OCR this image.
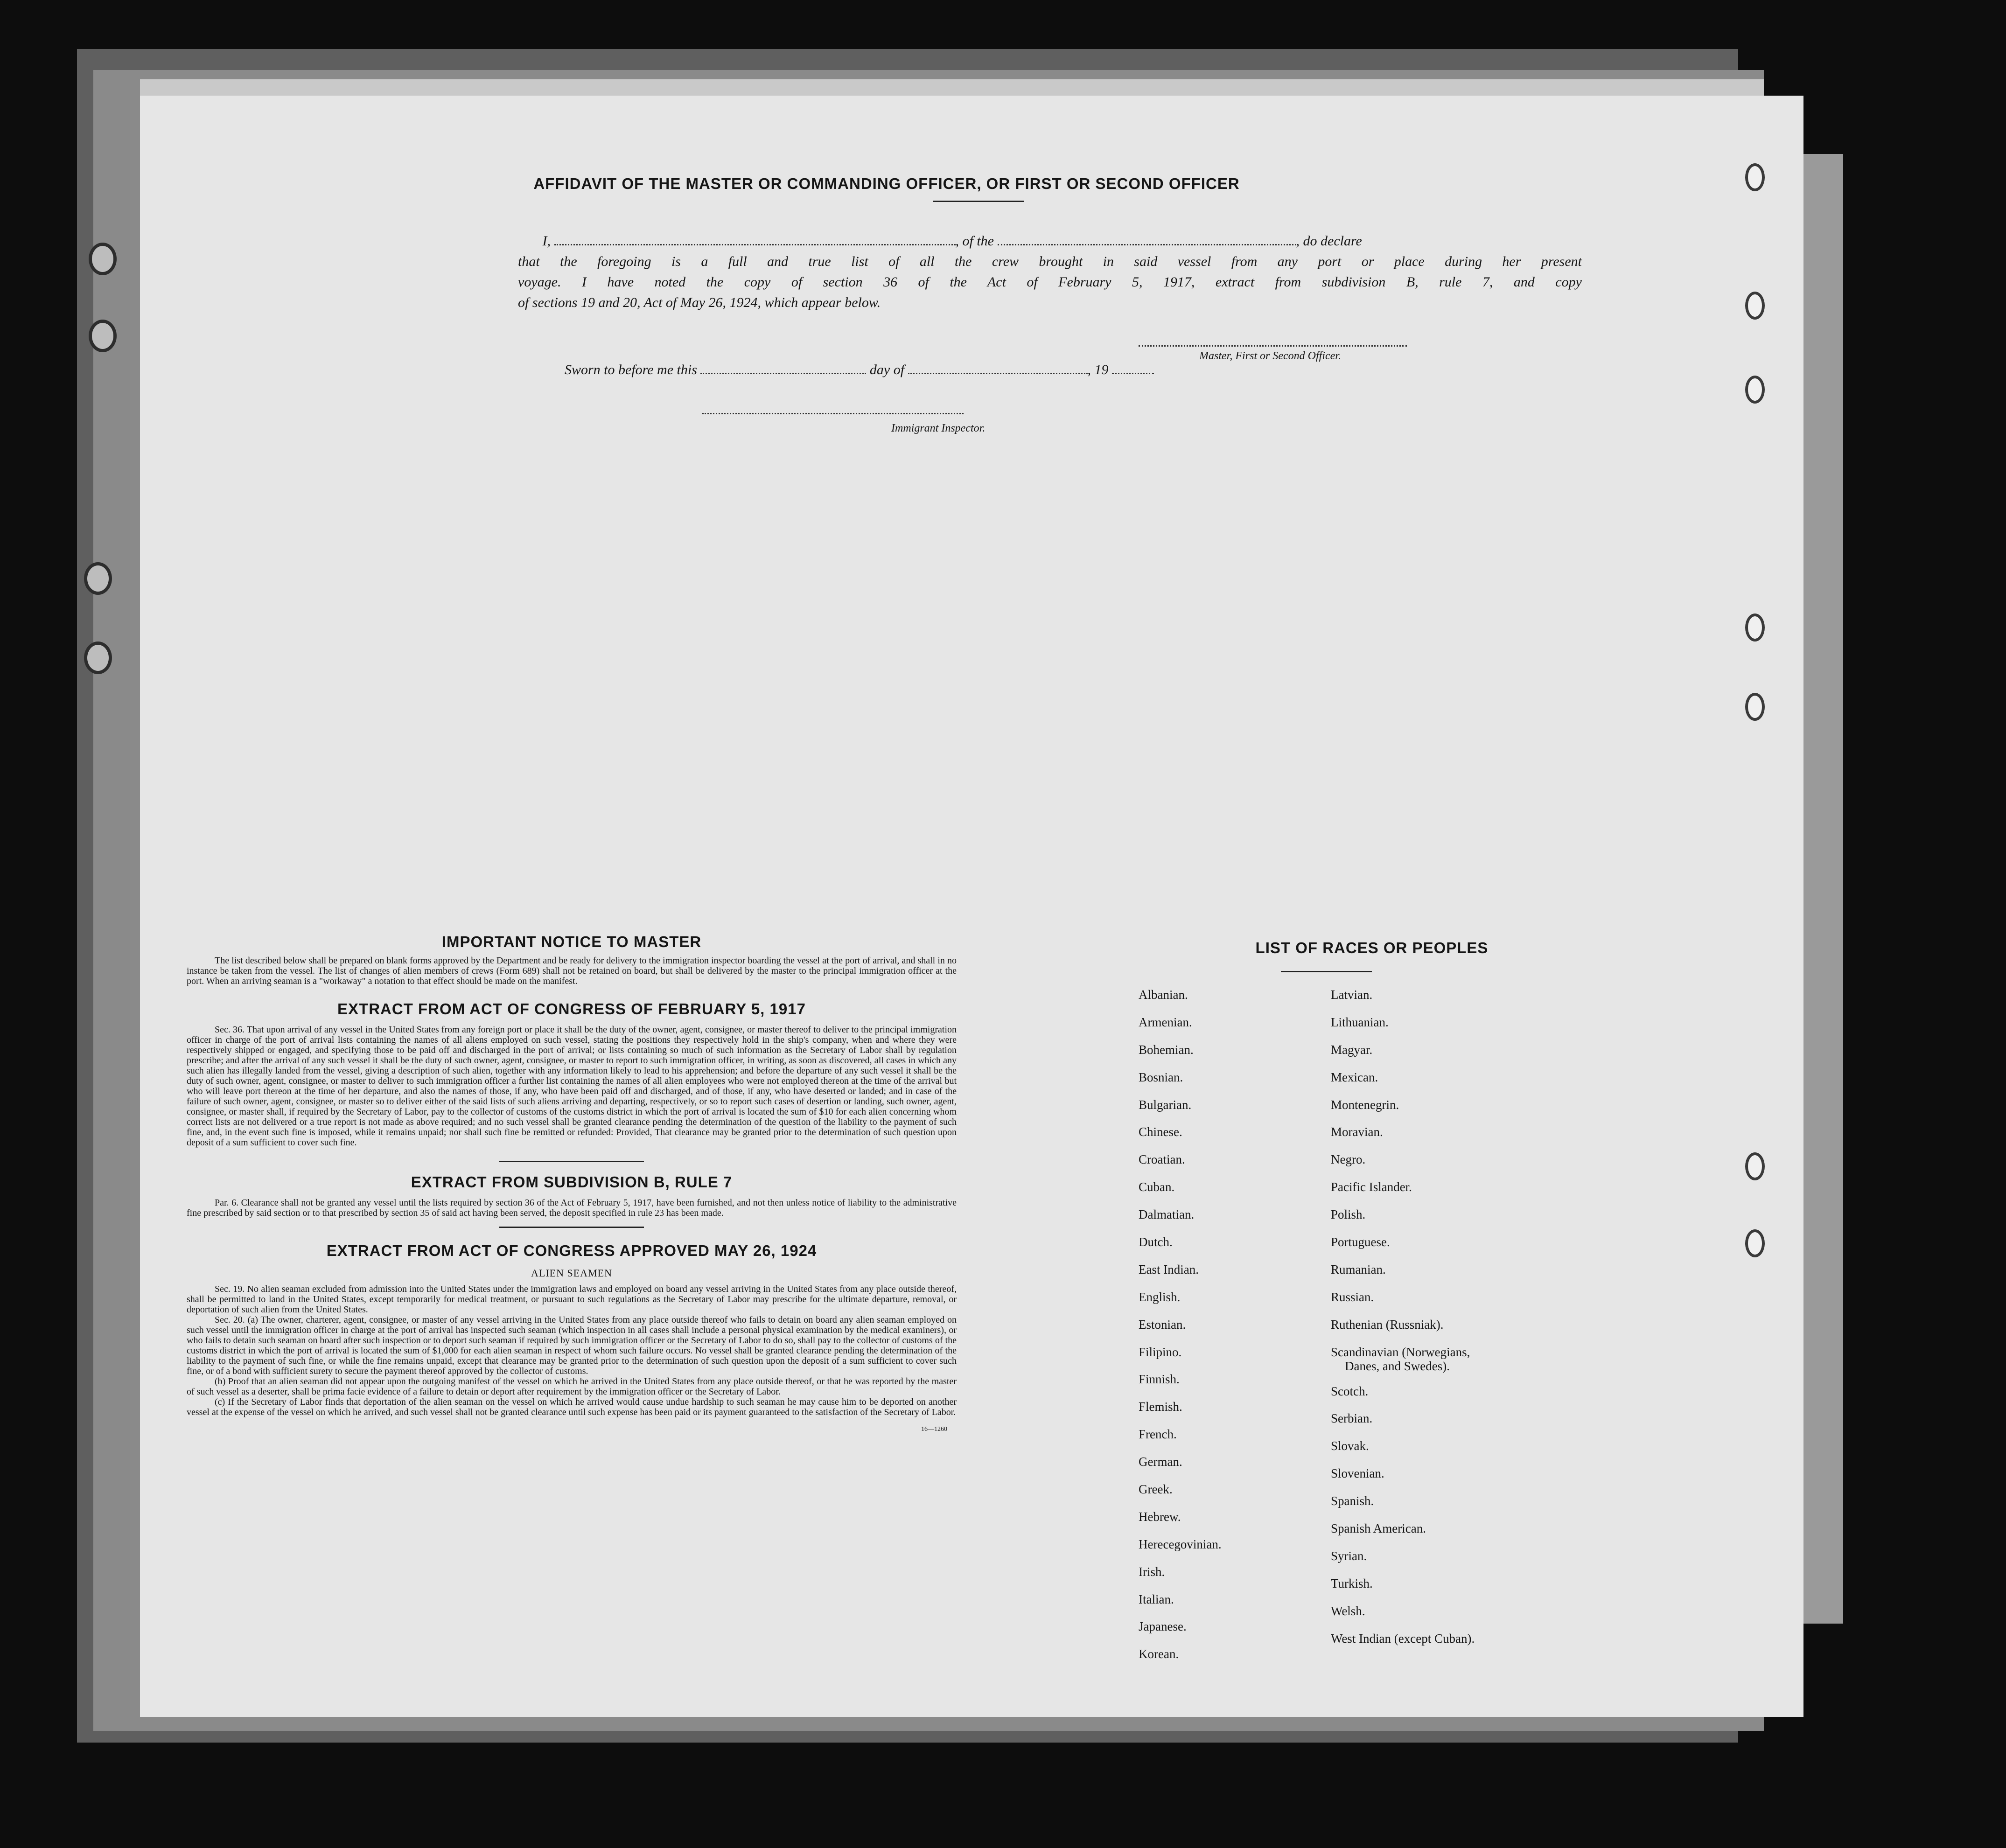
AFFIDAVIT OF THE MASTER OR COMMANDING OFFICER, OR FIRST OR SECOND OFFICER
I,	, of the	, do declare
that the foregoing is a full and true list of all the crew brought in said vessel from any port or place during her present
voyage. I have noted the copy of section 36 of the Act of February 5, 1917, extract from subdivision B, rule 7, and copy
of sections 19 and 20, Act of May 26, 1924, which appear below.
Master, First or Second Officer.
Sworn to before me this	day of	, 19
Immigrant Inspector.
IMPORTANT NOTICE TO MASTER
The list described below shall be prepared on blank forms approved by the Department and be ready for delivery to the immigration inspector boarding the vessel at the port of arrival, and shall in no instance be taken from the vessel. The list of changes of alien members of crews (Form 689) shall not be retained on board, but shall be delivered by the master to the principal immigration officer at the port. When an arriving seaman is a "workaway" a notation to that effect should be made on the manifest.
EXTRACT FROM ACT OF CONGRESS OF FEBRUARY 5, 1917
Sec. 36. That upon arrival of any vessel in the United States from any foreign port or place it shall be the duty of the owner, agent, consignee, or master thereof to deliver to the principal immigration officer in charge of the port of arrival lists containing the names of all aliens employed on such vessel, stating the positions they respectively hold in the ship's company, when and where they were respectively shipped or engaged, and specifying those to be paid off and discharged in the port of arrival; or lists containing so much of such information as the Secretary of Labor shall by regulation prescribe; and after the arrival of any such vessel it shall be the duty of such owner, agent, consignee, or master to report to such immigration officer, in writing, as soon as discovered, all cases in which any such alien has illegally landed from the vessel, giving a description of such alien, together with any information likely to lead to his apprehension; and before the departure of any such vessel it shall be the duty of such owner, agent, consignee, or master to deliver to such immigration officer a further list containing the names of all alien employees who were not employed thereon at the time of the arrival but who will leave port thereon at the time of her departure, and also the names of those, if any, who have been paid off and discharged, and of those, if any, who have deserted or landed; and in case of the failure of such owner, agent, consignee, or master so to deliver either of the said lists of such aliens arriving and departing, respectively, or so to report such cases of desertion or landing, such owner, agent, consignee, or master shall, if required by the Secretary of Labor, pay to the collector of customs of the customs district in which the port of arrival is located the sum of $10 for each alien concerning whom correct lists are not delivered or a true report is not made as above required; and no such vessel shall be granted clearance pending the determination of the question of the liability to the payment of such fine, and, in the event such fine is imposed, while it remains unpaid; nor shall such fine be remitted or refunded: Provided, That clearance may be granted prior to the determination of such question upon deposit of a sum sufficient to cover such fine.
EXTRACT FROM SUBDIVISION B, RULE 7
Par. 6. Clearance shall not be granted any vessel until the lists required by section 36 of the Act of February 5, 1917, have been furnished, and not then unless notice of liability to the administrative fine prescribed by said section or to that prescribed by section 35 of said act having been served, the deposit specified in rule 23 has been made.
EXTRACT FROM ACT OF CONGRESS APPROVED MAY 26, 1924
ALIEN SEAMEN
Sec. 19. No alien seaman excluded from admission into the United States under the immigration laws and employed on board any vessel arriving in the United States from any place outside thereof, shall be permitted to land in the United States, except temporarily for medical treatment, or pursuant to such regulations as the Secretary of Labor may prescribe for the ultimate departure, removal, or deportation of such alien from the United States.
Sec. 20. (a) The owner, charterer, agent, consignee, or master of any vessel arriving in the United States from any place outside thereof who fails to detain on board any alien seaman employed on such vessel until the immigration officer in charge at the port of arrival has inspected such seaman (which inspection in all cases shall include a personal physical examination by the medical examiners), or who fails to detain such seaman on board after such inspection or to deport such seaman if required by such immigration officer or the Secretary of Labor to do so, shall pay to the collector of customs of the customs district in which the port of arrival is located the sum of $1,000 for each alien seaman in respect of whom such failure occurs. No vessel shall be granted clearance pending the determination of the liability to the payment of such fine, or while the fine remains unpaid, except that clearance may be granted prior to the determination of such question upon the deposit of a sum sufficient to cover such fine, or of a bond with sufficient surety to secure the payment thereof approved by the collector of customs.
(b) Proof that an alien seaman did not appear upon the outgoing manifest of the vessel on which he arrived in the United States from any place outside thereof, or that he was reported by the master of such vessel as a deserter, shall be prima facie evidence of a failure to detain or deport after requirement by the immigration officer or the Secretary of Labor.
(c) If the Secretary of Labor finds that deportation of the alien seaman on the vessel on which he arrived would cause undue hardship to such seaman he may cause him to be deported on another vessel at the expense of the vessel on which he arrived, and such vessel shall not be granted clearance until such expense has been paid or its payment guaranteed to the satisfaction of the Secretary of Labor.
16—1260
LIST OF RACES OR PEOPLES
Albanian.
Armenian.
Bohemian.
Bosnian.
Bulgarian.
Chinese.
Croatian.
Cuban.
Dalmatian.
Dutch.
East Indian.
English.
Estonian.
Filipino.
Finnish.
Flemish.
French.
German.
Greek.
Hebrew.
Herecegovinian.
Irish.
Italian.
Japanese.
Korean.
Latvian.
Lithuanian.
Magyar.
Mexican.
Montenegrin.
Moravian.
Negro.
Pacific Islander.
Polish.
Portuguese.
Rumanian.
Russian.
Ruthenian (Russniak).
Scandinavian (Norwegians,
Danes, and Swedes).
Scotch.
Serbian.
Slovak.
Slovenian.
Spanish.
Spanish American.
Syrian.
Turkish.
Welsh.
West Indian (except Cuban).
